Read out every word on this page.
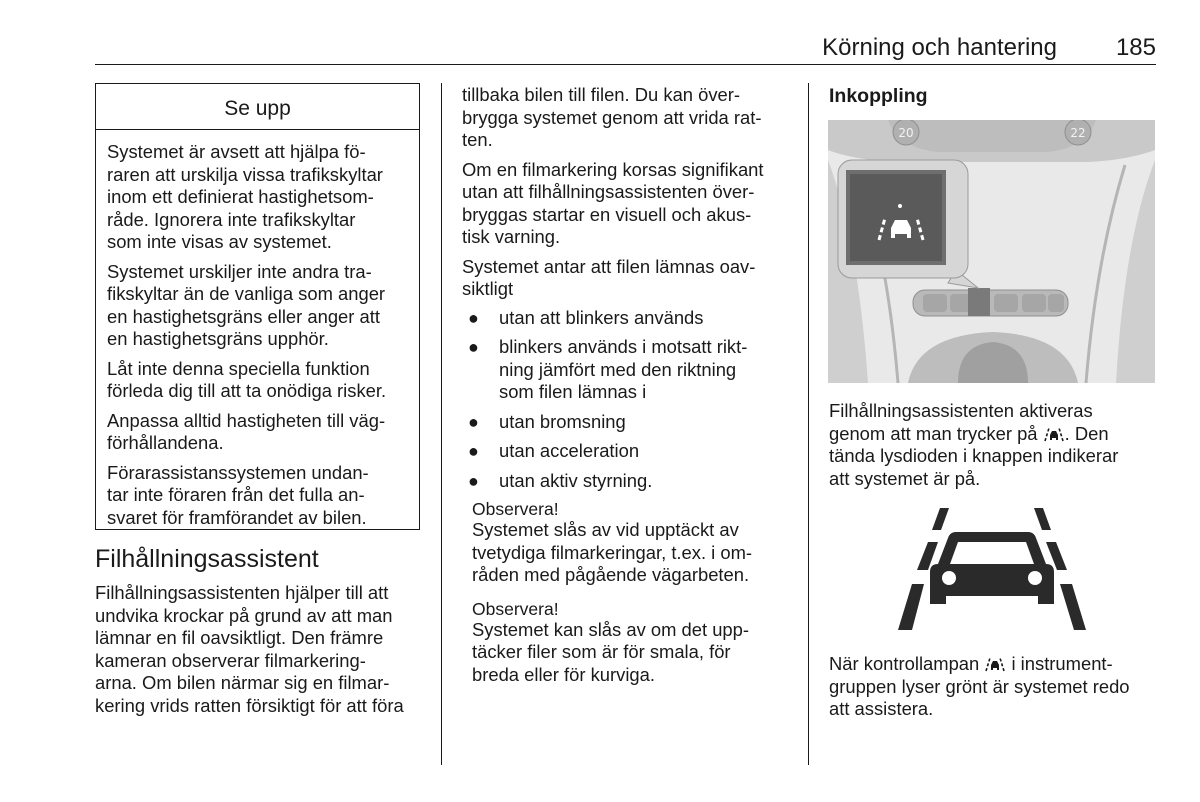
Körning och hantering 185
Se upp

Systemet är avsett att hjälpa fö-
raren att urskilja vissa trafikskyltar
inom ett definierat hastighetsom-
råde. Ignorera inte trafikskyltar
som inte visas av systemet.

Systemet urskiljer inte andra tra-
fikskyltar än de vanliga som anger
en hastighetsgräns eller anger att
en hastighetsgräns upphör.

Låt inte denna speciella funktion
förleda dig till att ta onödiga risker.

Anpassa alltid hastigheten till väg-
förhållandena.

Förarassistanssystemen undan-
tar inte föraren från det fulla an-
svaret för framförandet av bilen.

Filhållningsassistent

Filhållningsassistenten hjälper till att
undvika krockar på grund av att man
lämnar en fil oavsiktligt. Den främre
kameran observerar filmarkering-
arna. Om bilen närmar sig en filmar-
kering vrids ratten försiktigt för att föra

tillbaka bilen till filen. Du kan över-
brygga systemet genom att vrida rat-
ten.

Om en filmarkering korsas signifikant
utan att filhållningsassistenten över-
bryggas startar en visuell och akus-
tisk varning.

Systemet antar att filen lämnas oav-
siktligt

● utan att blinkers används
● blinkers används i motsatt rikt-
ning jämfört med den riktning
som filen lämnas i
● utan bromsning
● utan acceleration
● utan aktiv styrning.

Observera!

Systemet slås av vid upptäckt av
tvetydiga filmarkeringar, t.ex. i om-
råden med pågående vägarbeten.

Observera!

Systemet kan slås av om det upp-
täcker filer som är för smala, för
breda eller för kurviga.

Inkoppling
20	22

Filhållningsassistenten aktiveras
genom att man trycker på . Den
tända lysdioden i knappen indikerar
att systemet är på.

När kontrollampan  i instrument-
gruppen lyser grönt är systemet redo
att assistera.
